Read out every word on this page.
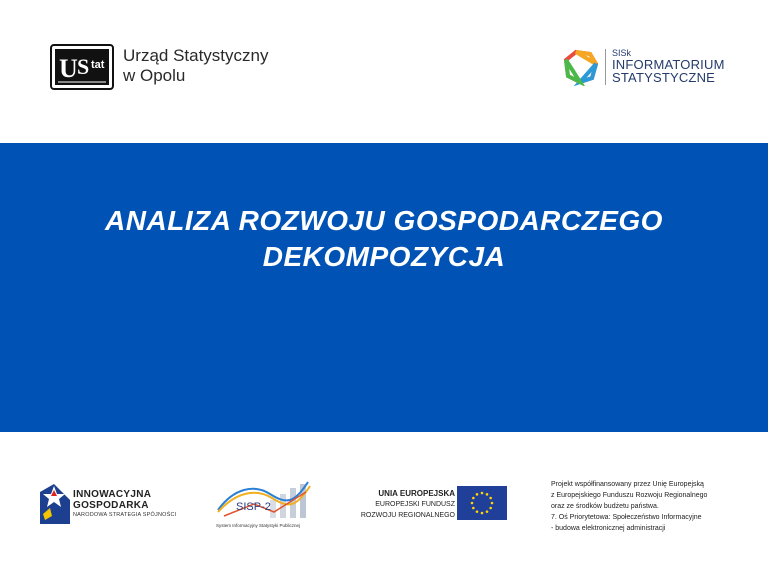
U S tat Urząd Statystyczny
w Opolu
SISk
INFORMATORIUM
STATYSTYCZNE
ANALIZA ROZWOJU GOSPODARCZEGO
DEKOMPOZYCJA
INNOWACYJNA
GOSPODARKA
NARODOWA STRATEGIA SPÓJNOŚCI
SISP-2
System Informacyjny Statystyki Publicznej
UNIA EUROPEJSKA
EUROPEJSKI FUNDUSZ
ROZWOJU REGIONALNEGO
Projekt współfinansowany przez Unię Europejską
z Europejskiego Funduszu Rozwoju Regionalnego
oraz ze środków budżetu państwa.
7. Oś Priorytetowa: Społeczeństwo Informacyjne
- budowa elektronicznej administracji
